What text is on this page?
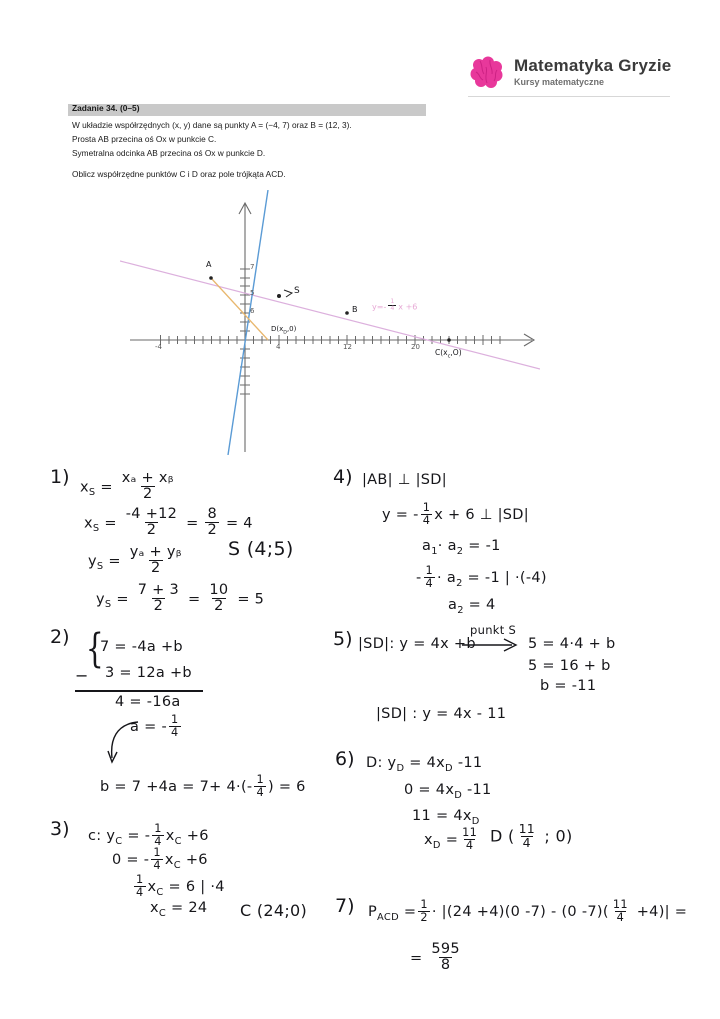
Matematyka Gryzie
Kursy matematyczne
Zadanie 34. (0–5)
W układzie współrzędnych (x, y) dane są punkty A = (−4, 7) oraz B = (12, 3).
Prosta AB przecina oś Ox w punkcie C.
Symetralna odcinka AB przecina oś Ox w punkcie D.
Oblicz współrzędne punktów C i D oraz pole trójkąta ACD.
A
B
S
$D(x_D,0)$
$C(x_c,O)$
$y=- \frac{1}{4}$ x +6
-4	4	12	20
7
5
6
1) $x_S = \frac{\text{xₐ + xᵦ}}{2}$
$x_S = \frac{-4 +12}{2} = \frac{8}{2} = 4$
$y_S = \frac{\text{yₐ + yᵦ}}{2}$
$y_S = \frac{7 + 3}{2} = \frac{10}{2} = 5$
S (4;5)
2)
−
{
7 = -4a +b
3 = 12a +b
4 = -16a
a = - $\frac{1}{4}$
$b = 7 +4a = 7+ 4\cdot(- \frac{1}{4}$ ) = 6
3) c: $y_C$ = - $\frac{1}{4} x_C +6$
0 = - $\frac{1}{4} x_C +6$
$\frac{1}{4} x_C = 6$ | ·4
$x_C = 24$ C (24;0)
4) |AB| ⊥ |SD|
y = - $\frac{1}{4}$ x + 6 ⊥ |SD|
$a_1\cdot a_2 = -1$
- $\frac{1}{4} \cdot a_2 = -1$ | ·(-4)
$a_2 = 4$
5) |SD|: y = 4x +b
punkt S
5 = 4·4 + b
5 = 16 + b
b = -11
|SD| : y = 4x - 11
6) D: $y_D = 4x_D$ -11
$0 = 4x_D$ -11
$11 = 4x_D$
$x_D = \frac{11}{4}$ D ( $\frac{11}{4}$ ; 0)
7) $P_{ACD} = \frac{1}{2} \cdot |(24 +4)(0$ -7) - (0 $-7)( \frac{11}{4} +4)|$ =
= $\frac{595}{8}$
